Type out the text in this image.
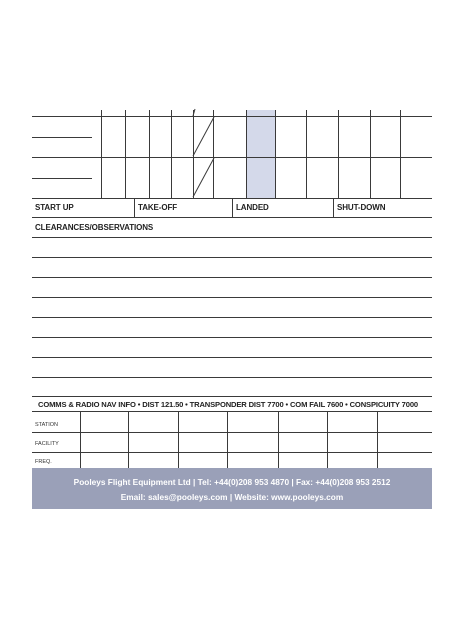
START UP	TAKE-OFF	LANDED	SHUT-DOWN
CLEARANCES/OBSERVATIONS
COMMS & RADIO NAV INFO • DIST 121.50 • TRANSPONDER DIST 7700 • COM FAIL 7600 • CONSPICUITY 7000
STATION
FACILITY
FREQ.
Pooleys Flight Equipment Ltd | Tel: +44(0)208 953 4870 | Fax: +44(0)208 953 2512
Email: sales@pooleys.com | Website: www.pooleys.com
